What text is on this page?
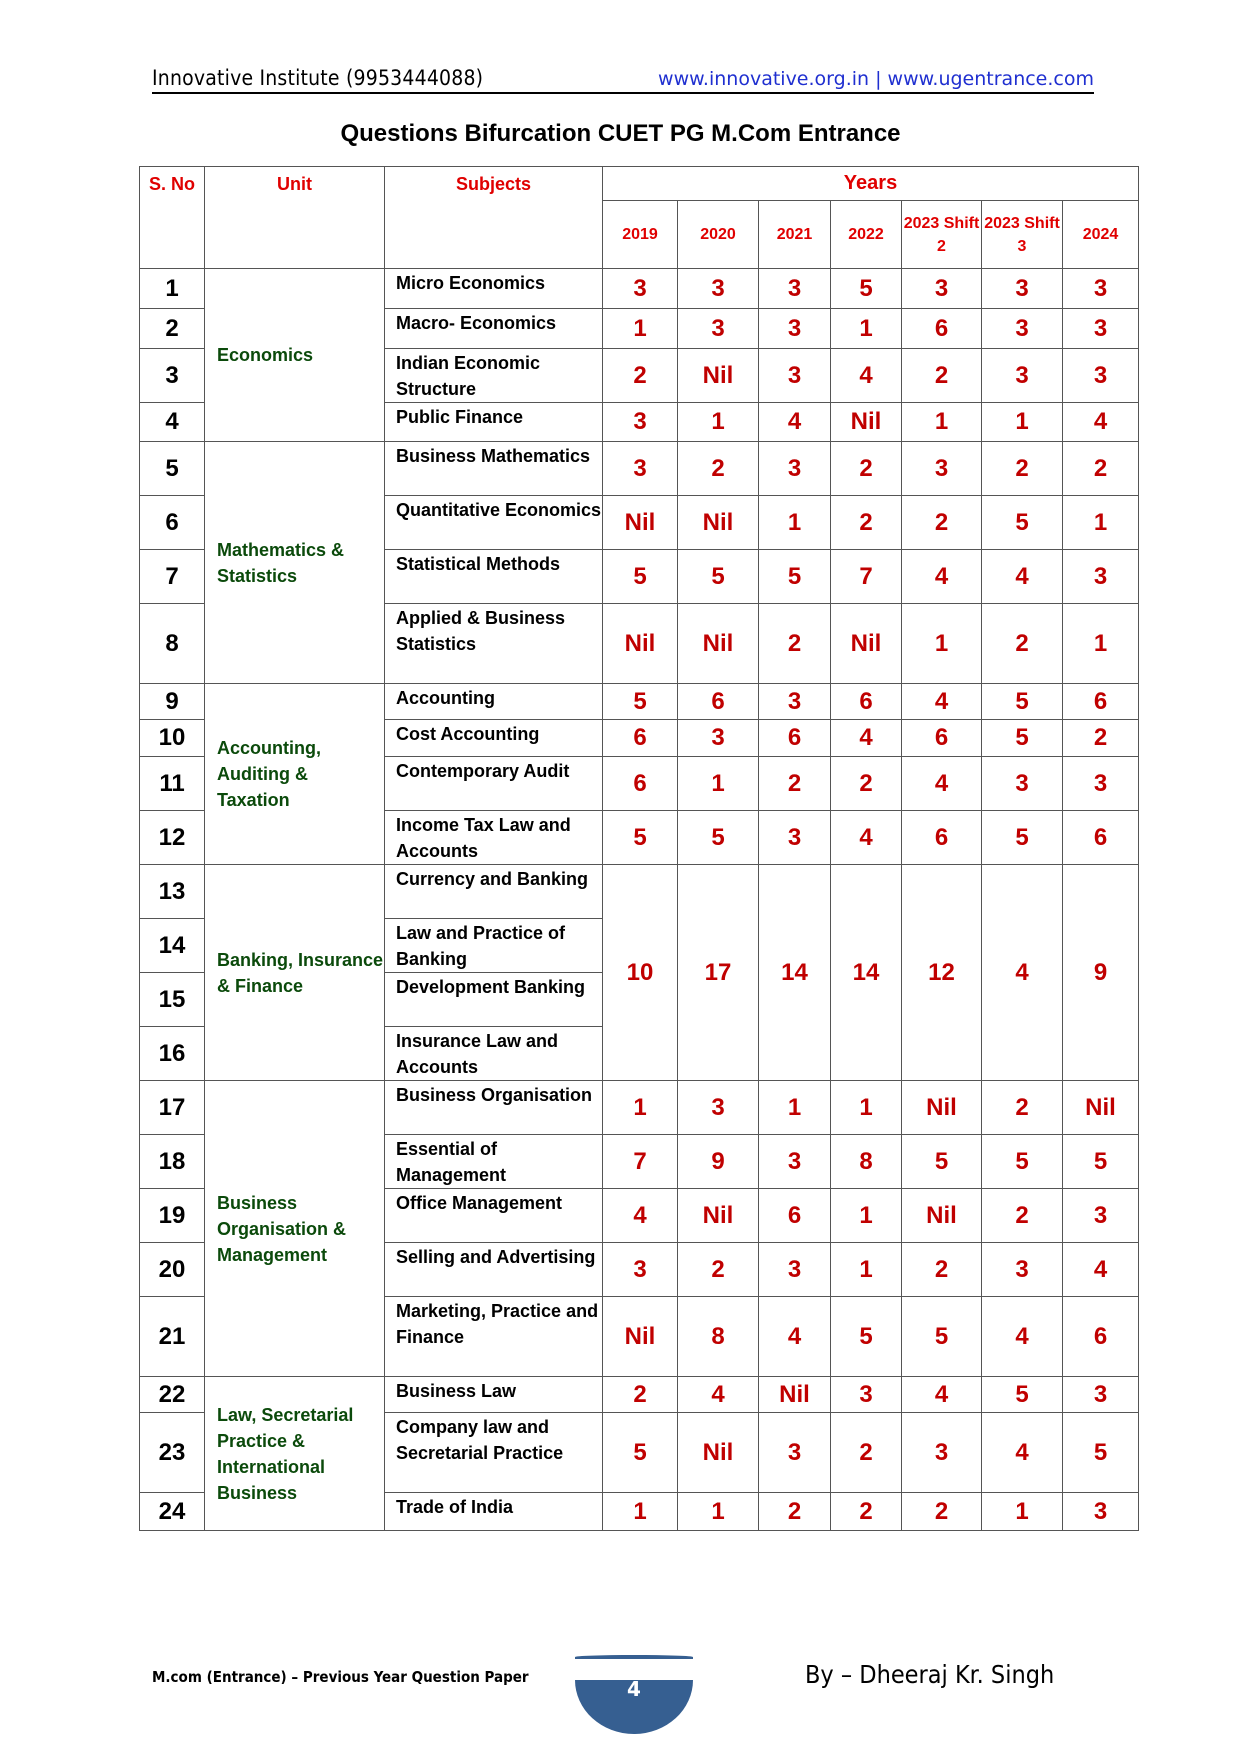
Innovative Institute (9953444088)	www.innovative.org.in | www.ugentrance.com
Questions Bifurcation CUET PG M.Com Entrance
S. No	Unit	Subjects	Years						
			2019	2020	2021	2022	2023 Shift 2	2023 Shift 3	2024
1	Economics	Micro Economics	3	3	3	5	3	3	3
2		Macro- Economics	1	3	3	1	6	3	3
3		Indian Economic Structure	2	Nil	3	4	2	3	3
4		Public Finance	3	1	4	Nil	1	1	4
5	Mathematics & Statistics	Business Mathematics	3	2	3	2	3	2	2
6		Quantitative Economics	Nil	Nil	1	2	2	5	1
7		Statistical Methods	5	5	5	7	4	4	3
8		Applied & Business Statistics	Nil	Nil	2	Nil	1	2	1
9	Accounting, Auditing & Taxation	Accounting	5	6	3	6	4	5	6
10		Cost Accounting	6	3	6	4	6	5	2
11		Contemporary Audit	6	1	2	2	4	3	3
12		Income Tax Law and Accounts	5	5	3	4	6	5	6
13	Banking, Insurance & Finance	Currency and Banking	10	17	14	14	12	4	9
14		Law and Practice of Banking							
15		Development Banking							
16		Insurance Law and Accounts							
17	Business Organisation & Management	Business Organisation	1	3	1	1	Nil	2	Nil
18		Essential of Management	7	9	3	8	5	5	5
19		Office Management	4	Nil	6	1	Nil	2	3
20		Selling and Advertising	3	2	3	1	2	3	4
21		Marketing, Practice and Finance	Nil	8	4	5	5	4	6
22	Law, Secretarial Practice & International Business	Business Law	2	4	Nil	3	4	5	3
23		Company law and Secretarial Practice	5	Nil	3	2	3	4	5
24		Trade of India	1	1	2	2	2	1	3
M.com (Entrance) – Previous Year Question Paper	4	By – Dheeraj Kr. Singh
